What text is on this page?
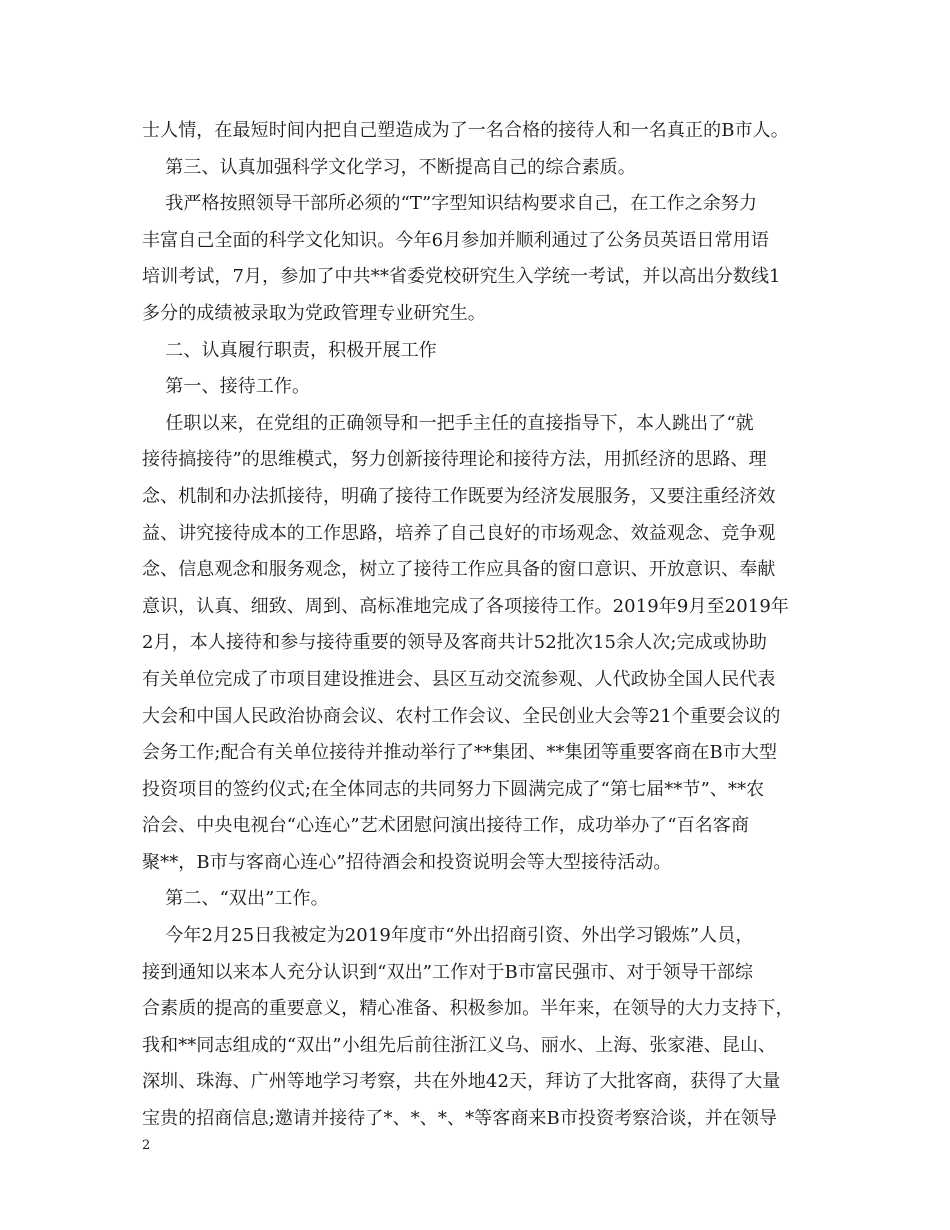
士人情，在最短时间内把自己塑造成为了一名合格的接待人和一名真正的B市人。
第三、认真加强科学文化学习，不断提高自己的综合素质。
我严格按照领导干部所必须的“T”字型知识结构要求自己，在工作之余努力
丰富自己全面的科学文化知识。今年6月参加并顺利通过了公务员英语日常用语
培训考试，7月，参加了中共**省委党校研究生入学统一考试，并以高出分数线1
多分的成绩被录取为党政管理专业研究生。
二、认真履行职责，积极开展工作
第一、接待工作。
任职以来，在党组的正确领导和一把手主任的直接指导下，本人跳出了“就
接待搞接待”的思维模式，努力创新接待理论和接待方法，用抓经济的思路、理
念、机制和办法抓接待，明确了接待工作既要为经济发展服务，又要注重经济效
益、讲究接待成本的工作思路，培养了自己良好的市场观念、效益观念、竞争观
念、信息观念和服务观念，树立了接待工作应具备的窗口意识、开放意识、奉献
意识，认真、细致、周到、高标准地完成了各项接待工作。2019年9月至2019年
2月，本人接待和参与接待重要的领导及客商共计52批次15余人次;完成或协助
有关单位完成了市项目建设推进会、县区互动交流参观、人代政协全国人民代表
大会和中国人民政治协商会议、农村工作会议、全民创业大会等21个重要会议的
会务工作;配合有关单位接待并推动举行了**集团、**集团等重要客商在B市大型
投资项目的签约仪式;在全体同志的共同努力下圆满完成了“第七届**节”、**农
洽会、中央电视台“心连心”艺术团慰问演出接待工作，成功举办了“百名客商
聚**，B市与客商心连心”招待酒会和投资说明会等大型接待活动。
第二、“双出”工作。
今年2月25日我被定为2019年度市“外出招商引资、外出学习锻炼”人员，
接到通知以来本人充分认识到“双出”工作对于B市富民强市、对于领导干部综
合素质的提高的重要意义，精心准备、积极参加。半年来，在领导的大力支持下，
我和**同志组成的“双出”小组先后前往浙江义乌、丽水、上海、张家港、昆山、
深圳、珠海、广州等地学习考察，共在外地42天，拜访了大批客商，获得了大量
宝贵的招商信息;邀请并接待了*、*、*、*等客商来B市投资考察洽谈，并在领导
2
